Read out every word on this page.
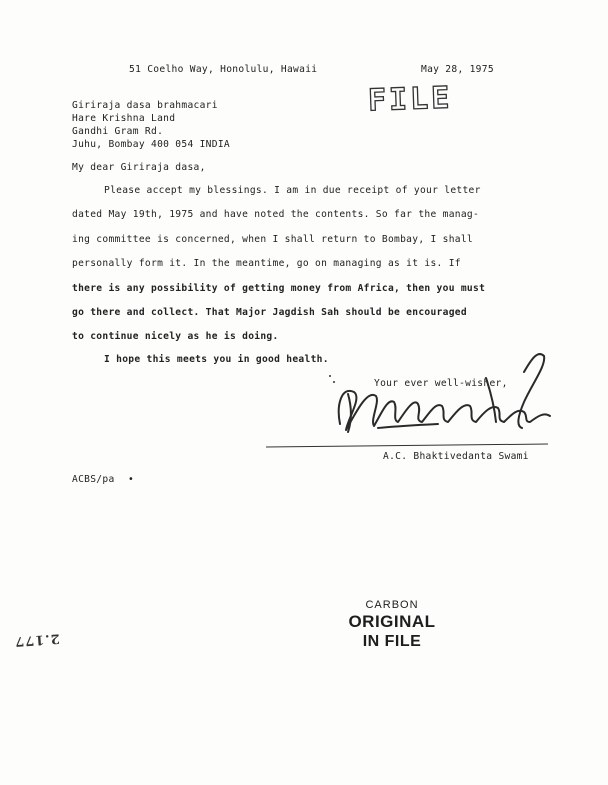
51 Coelho Way, Honolulu, Hawaii	May 28, 1975
FILE
Giriraja dasa brahmacari
Hare Krishna Land
Gandhi Gram Rd.
Juhu, Bombay 400 054 INDIA
My dear Giriraja dasa,
Please accept my blessings. I am in due receipt of your letter
dated May 19th, 1975 and have noted the contents. So far the manag-
ing committee is concerned, when I shall return to Bombay, I shall
personally form it. In the meantime, go on managing as it is. If
there is any possibility of getting money from Africa, then you must
go there and collect. That Major Jagdish Sah should be encouraged
to continue nicely as he is doing.
I hope this meets you in good health.
Your ever well-wisher,
A.C. Bhaktivedanta Swami
ACBS/pa •
CARBON
ORIGINAL
IN FILE
2.177
